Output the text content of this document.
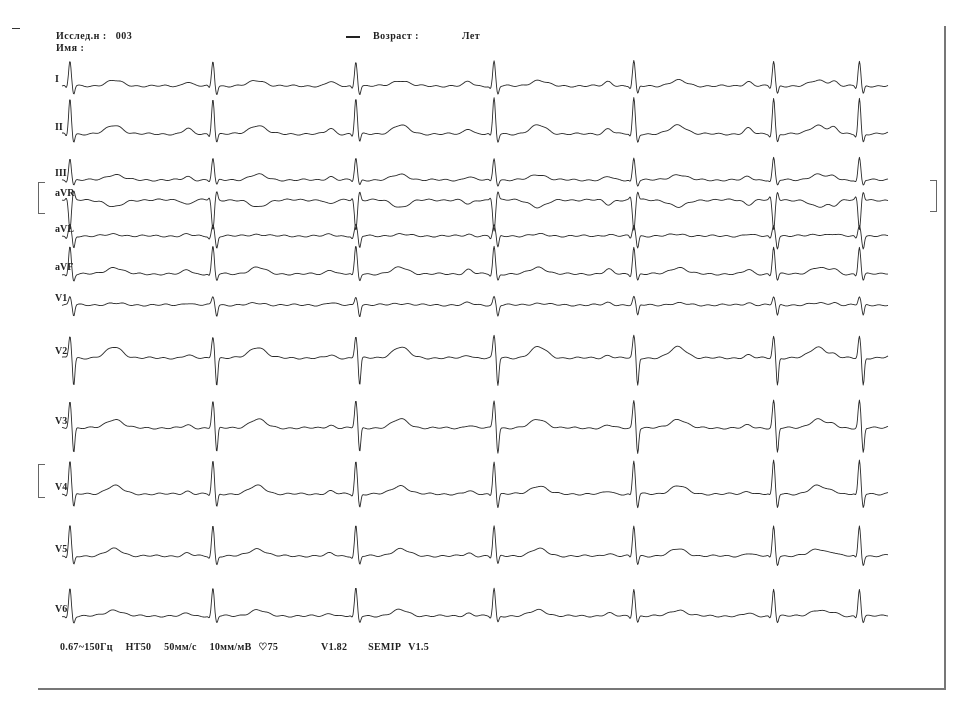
Исслед.н : 003
Имя :
Возраст :	Лет
I
II
III
aVR
aVL
aVF
V1
V2
V3
V4
V5
V6
0.67~150Гц HT50 50мм/с 10мм/мВ ♡75	V1.82 SEMIP V1.5
